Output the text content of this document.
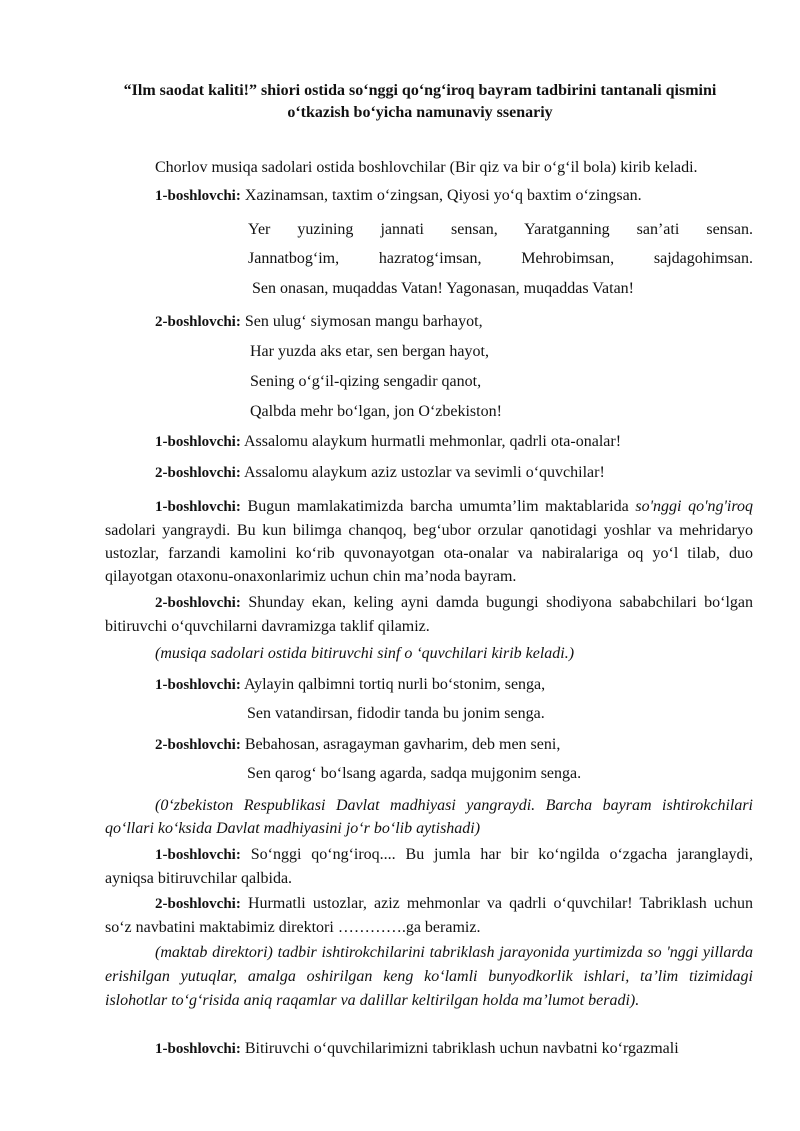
“Ilm saodat kaliti!” shiori ostida so‘nggi qo‘ng‘iroq bayram tadbirini tantanali qismini
o‘tkazish bo‘yicha namunaviy ssenariy
Chorlov musiqa sadolari ostida boshlovchilar (Bir qiz va bir o‘g‘il bola) kirib keladi.
1-boshlovchi: Xazinamsan, taxtim o‘zingsan, Qiyosi yo‘q baxtim o‘zingsan.
Yer yuzining jannati sensan, Yaratganning san’ati sensan.
Jannatbog‘im, hazratog‘imsan, Mehrobimsan, sajdagohimsan.
Sen onasan, muqaddas Vatan! Yagonasan, muqaddas Vatan!
2-boshlovchi: Sen ulug‘ siymosan mangu barhayot,
Har yuzda aks etar, sen bergan hayot,
Sening o‘g‘il-qizing sengadir qanot,
Qalbda mehr bo‘lgan, jon O‘zbekiston!
1-boshlovchi: Assalomu alaykum hurmatli mehmonlar, qadrli ota-onalar!
2-boshlovchi: Assalomu alaykum aziz ustozlar va sevimli o‘quvchilar!
1-boshlovchi: Bugun mamlakatimizda barcha umumta’lim maktablarida so'nggi qo'ng'iroq sadolari yangraydi. Bu kun bilimga chanqoq, beg‘ubor orzular qanotidagi yoshlar va mehridaryo ustozlar, farzandi kamolini ko‘rib quvonayotgan ota-onalar va nabiralariga oq yo‘l tilab, duo qilayotgan otaxonu-onaxonlarimiz uchun chin ma’noda bayram.
2-boshlovchi: Shunday ekan, keling ayni damda bugungi shodiyona sababchilari bo‘lgan bitiruvchi o‘quvchilarni davramizga taklif qilamiz.
(musiqa sadolari ostida bitiruvchi sinf o ‘quvchilari kirib keladi.)
1-boshlovchi: Aylayin qalbimni tortiq nurli bo‘stonim, senga,
Sen vatandirsan, fidodir tanda bu jonim senga.
2-boshlovchi: Bebahosan, asragayman gavharim, deb men seni,
Sen qarog‘ bo‘lsang agarda, sadqa mujgonim senga.
(0‘zbekiston Respublikasi Davlat madhiyasi yangraydi. Barcha bayram ishtirokchilari qo‘llari ko‘ksida Davlat madhiyasini jo‘r bo‘lib aytishadi)
1-boshlovchi: So‘nggi qo‘ng‘iroq.... Bu jumla har bir ko‘ngilda o‘zgacha jaranglaydi, ayniqsa bitiruvchilar qalbida.
2-boshlovchi: Hurmatli ustozlar, aziz mehmonlar va qadrli o‘quvchilar! Tabriklash uchun so‘z navbatini maktabimiz direktori ………….ga beramiz.
(maktab direktori) tadbir ishtirokchilarini tabriklash jarayonida yurtimizda so 'nggi yillarda erishilgan yutuqlar, amalga oshirilgan keng ko‘lamli bunyodkorlik ishlari, ta’lim tizimidagi islohotlar to‘g‘risida aniq raqamlar va dalillar keltirilgan holda ma’lumot beradi).
1-boshlovchi: Bitiruvchi o‘quvchilarimizni tabriklash uchun navbatni ko‘rgazmali
